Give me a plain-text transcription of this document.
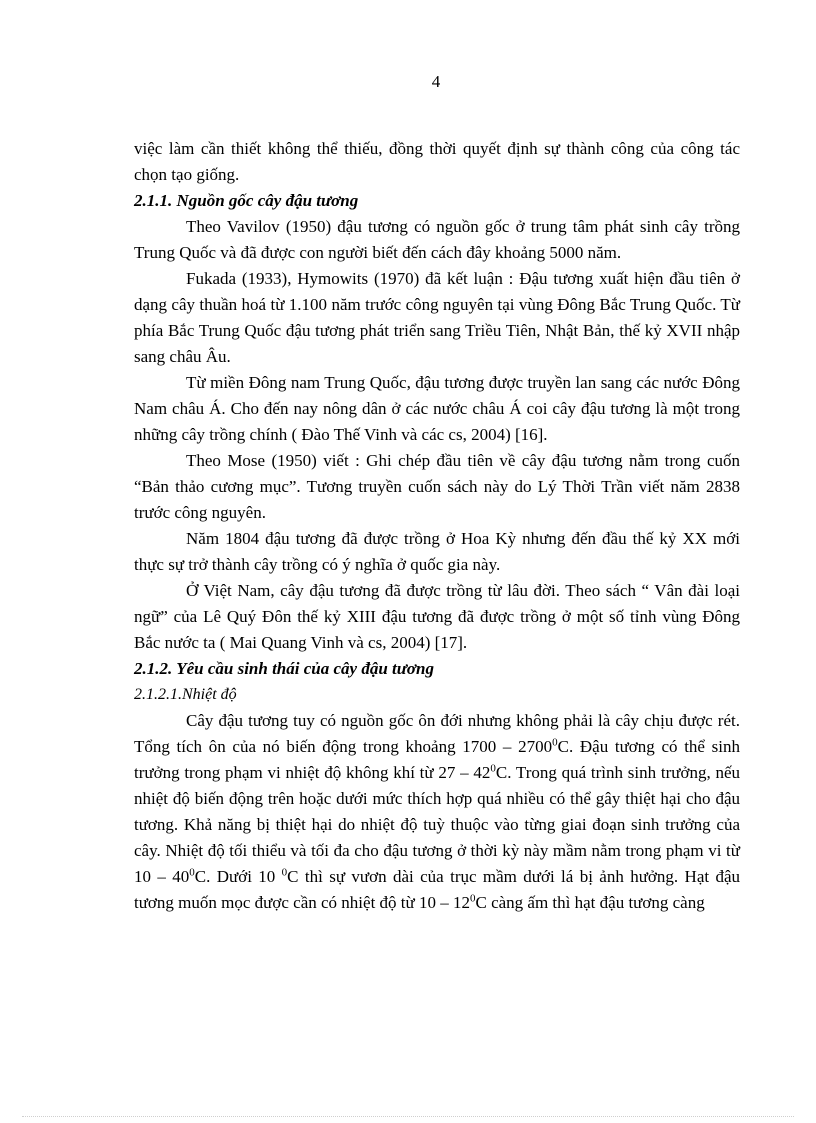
4

việc làm cần thiết không thể thiếu, đồng thời quyết định sự thành công của công tác chọn tạo giống.

2.1.1. Nguồn gốc cây đậu tương

Theo Vavilov (1950) đậu tương có nguồn gốc ở trung tâm phát sinh cây trồng Trung Quốc và đã được con người biết đến cách đây khoảng 5000 năm.

Fukada (1933), Hymowits (1970) đã kết luận : Đậu tương xuất hiện đầu tiên ở dạng cây thuần hoá từ 1.100 năm trước công nguyên tại vùng Đông Bắc Trung Quốc. Từ phía Bắc Trung Quốc đậu tương phát triển sang Triều Tiên, Nhật Bản, thế kỷ XVII nhập sang châu Âu.

Từ miền Đông nam Trung Quốc, đậu tương được truyền lan sang các nước Đông Nam châu Á. Cho đến nay nông dân ở các nước châu Á coi cây đậu tương là một trong những cây trồng chính ( Đào Thế Vinh và các cs, 2004) [16].

Theo Mose (1950) viết : Ghi chép đầu tiên về cây đậu tương nằm trong cuốn “Bản thảo cương mục”. Tương truyền cuốn sách này do Lý Thời Trần viết năm 2838 trước công nguyên.

Năm 1804 đậu tương đã được trồng ở Hoa Kỳ nhưng đến đầu thế kỷ XX mới thực sự trở thành cây trồng có ý nghĩa ở quốc gia này.

Ở Việt Nam, cây đậu tương đã được trồng từ lâu đời. Theo sách “ Vân đài loại ngữ” của Lê Quý Đôn thế kỷ XIII đậu tương đã được trồng ở một số tỉnh vùng Đông Bắc nước ta ( Mai Quang Vinh và cs, 2004) [17].

2.1.2. Yêu cầu sinh thái của cây đậu tương
2.1.2.1.Nhiệt độ

Cây đậu tương tuy có nguồn gốc ôn đới nhưng không phải là cây chịu được rét. Tổng tích ôn của nó biến động trong khoảng 1700 – 2700$^0$C. Đậu tương có thể sinh trưởng trong phạm vi nhiệt độ không khí từ $27 - 42^0C$. Trong quá trình sinh trưởng, nếu nhiệt độ biến động trên hoặc dưới mức thích hợp quá nhiều có thể gây thiệt hại cho đậu tương. Khả năng bị thiệt hại do nhiệt độ tuỳ thuộc vào từng giai đoạn sinh trưởng của cây. Nhiệt độ tối thiểu và tối đa cho đậu tương ở thời kỳ này mầm nằm trong phạm vi từ $10 - 40^0C$. Dưới 10 $^0$C thì sự vươn dài của trục mầm dưới lá bị ảnh hưởng. Hạt đậu tương muốn mọc được cần có nhiệt độ từ $10 - 12^0C$ càng ấm thì hạt đậu tương càng
